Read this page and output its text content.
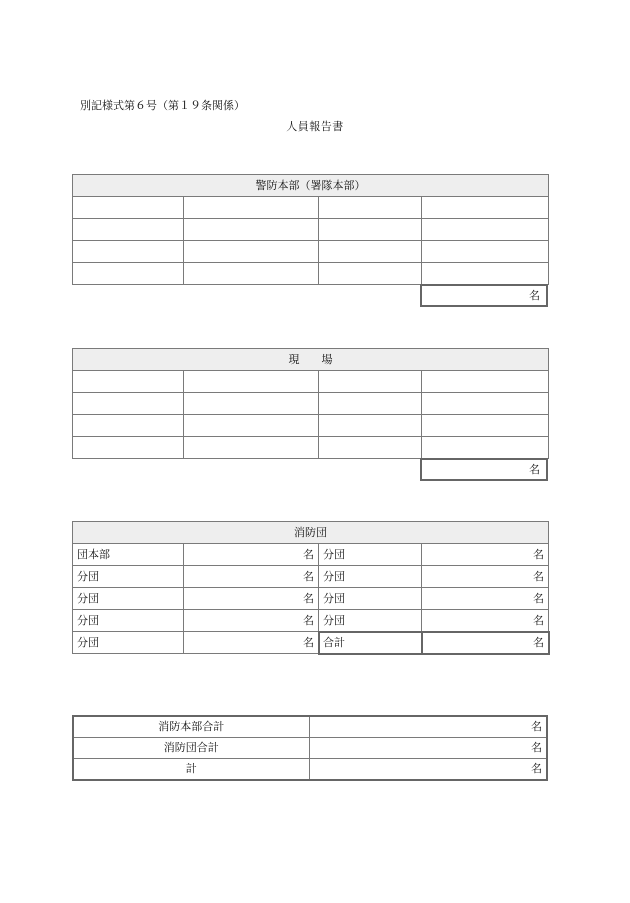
別記様式第６号（第１９条関係）
人員報告書
警防本部（署隊本部）			

名
現　　場			

名
消防団			
団本部	名	分団	名
分団	名	分団	名
分団	名	分団	名
分団	名	分団	名
分団	名	合計	名
消防本部合計	名
消防団合計	名
計	名
